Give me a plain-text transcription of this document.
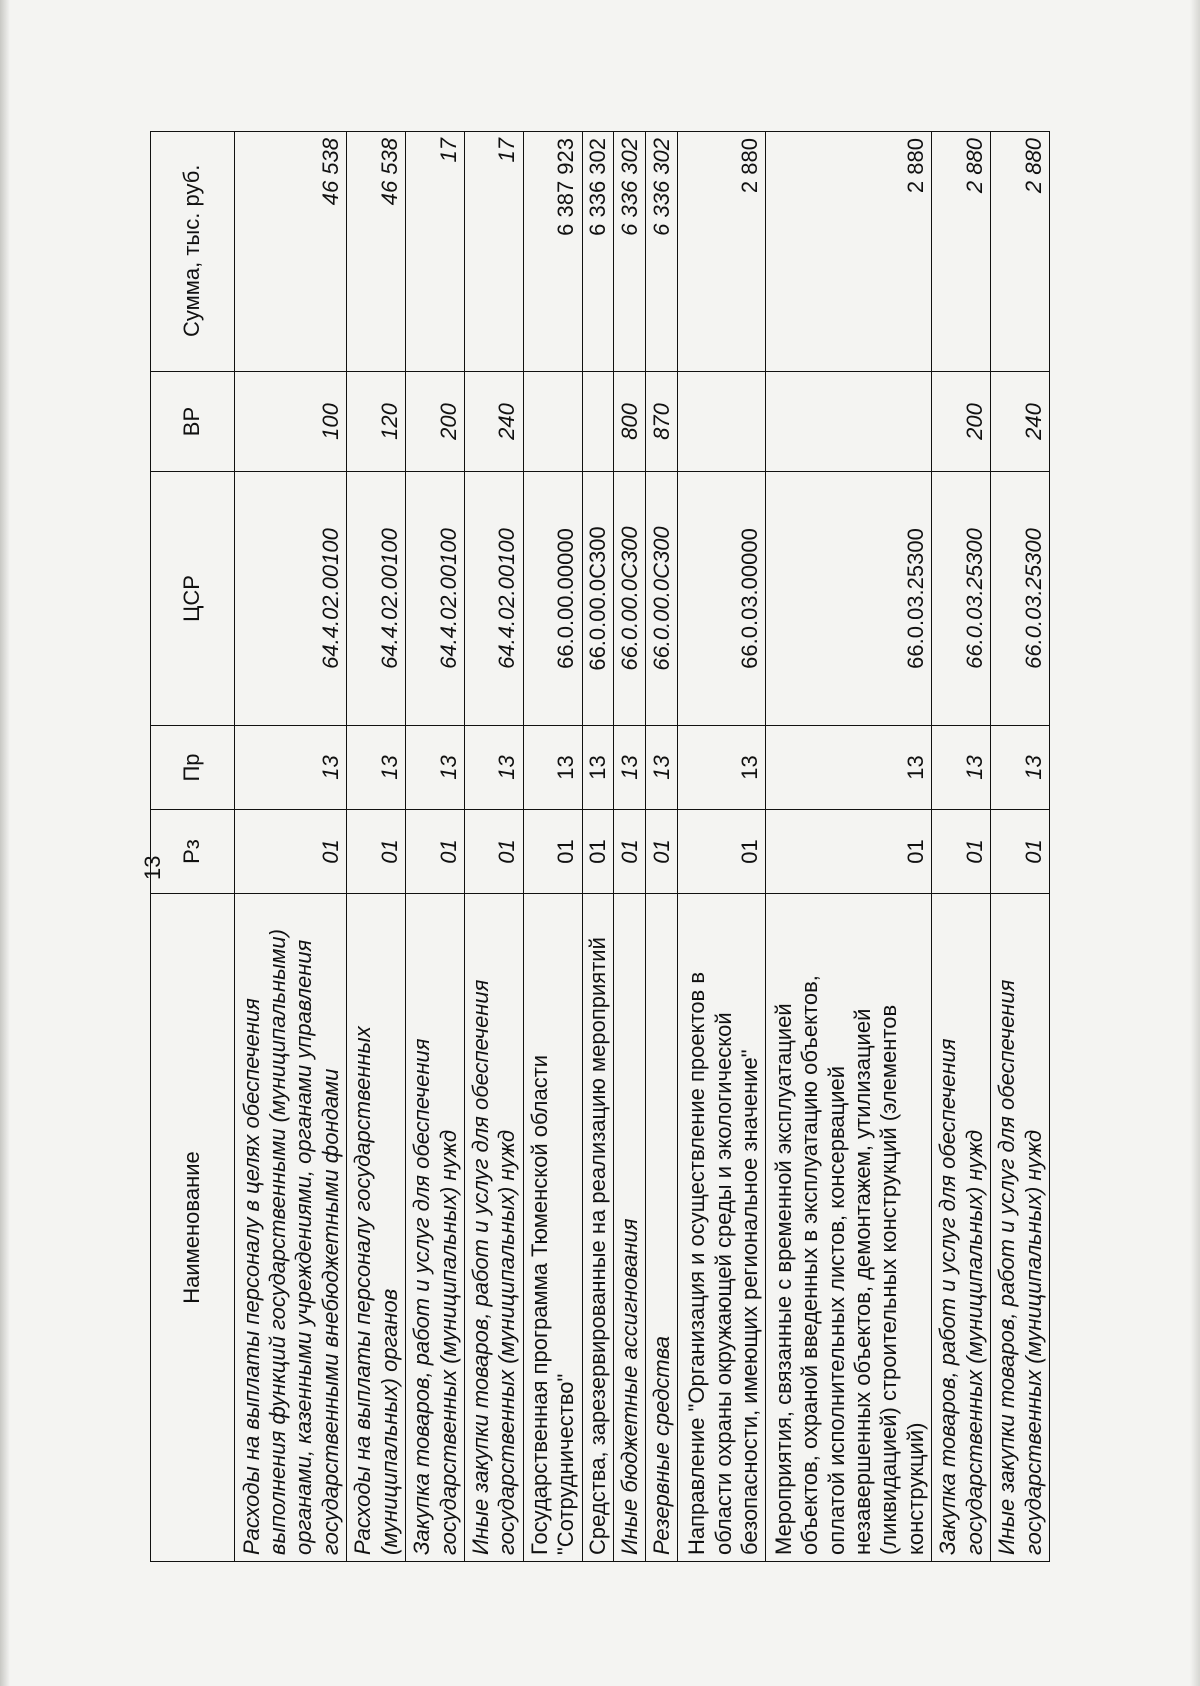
13
Наименование	Рз	Пр	ЦСР	ВР	Сумма, тыс. руб.
Расходы на выплаты персоналу в целях обеспечения выполнения функций государственными (муниципальными) органами, казенными учреждениями, органами управления государственными внебюджетными фондами	01	13	64.4.02.00100	100	46 538
Расходы на выплаты персоналу государственных (муниципальных) органов	01	13	64.4.02.00100	120	46 538
Закупка товаров, работ и услуг для обеспечения государственных (муниципальных) нужд	01	13	64.4.02.00100	200	17
Иные закупки товаров, работ и услуг для обеспечения государственных (муниципальных) нужд	01	13	64.4.02.00100	240	17
Государственная программа Тюменской области "Сотрудничество"	01	13	66.0.00.00000		6 387 923
Средства, зарезервированные на реализацию мероприятий	01	13	66.0.00.0С300		6 336 302
Иные бюджетные ассигнования	01	13	66.0.00.0С300	800	6 336 302
Резервные средства	01	13	66.0.00.0С300	870	6 336 302
Направление "Организация и осуществление проектов в области охраны окружающей среды и экологической безопасности, имеющих региональное значение"	01	13	66.0.03.00000		2 880
Мероприятия, связанные с временной эксплуатацией объектов, охраной введенных в эксплуатацию объектов, оплатой исполнительных листов, консервацией незавершенных объектов, демонтажем, утилизацией (ликвидацией) строительных конструкций (элементов конструкций)	01	13	66.0.03.25300		2 880
Закупка товаров, работ и услуг для обеспечения государственных (муниципальных) нужд	01	13	66.0.03.25300	200	2 880
Иные закупки товаров, работ и услуг для обеспечения государственных (муниципальных) нужд	01	13	66.0.03.25300	240	2 880
